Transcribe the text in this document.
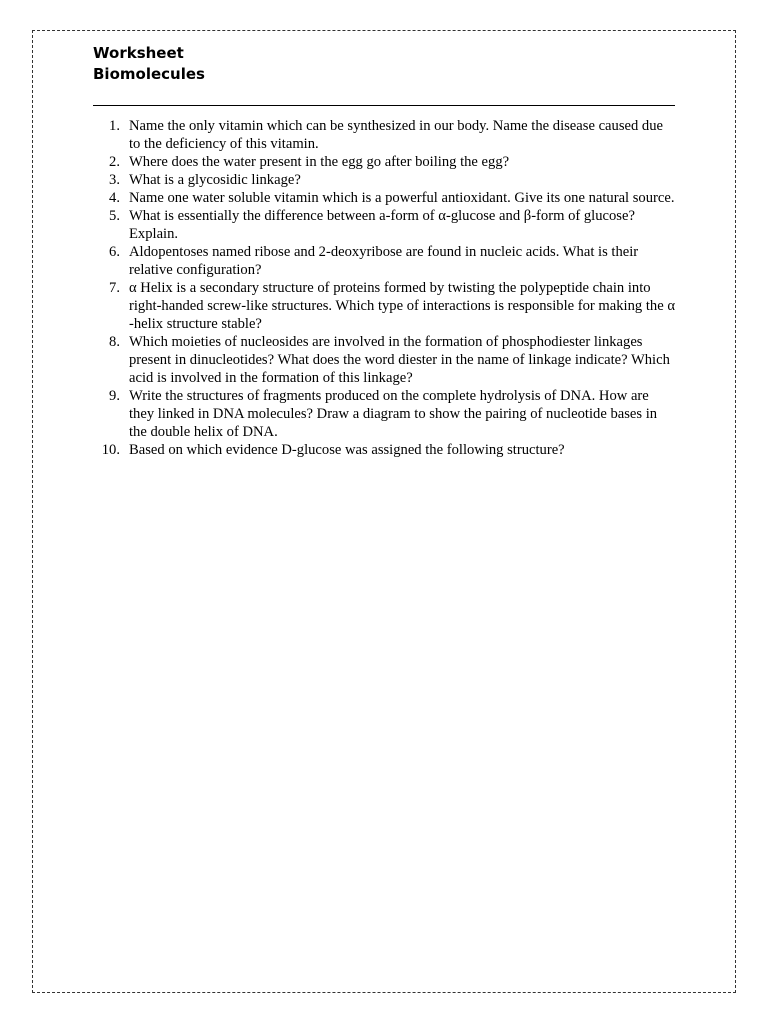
Worksheet
Biomolecules
1. Name the only vitamin which can be synthesized in our body. Name the disease caused due to the deficiency of this vitamin.
2. Where does the water present in the egg go after boiling the egg?
3. What is a glycosidic linkage?
4. Name one water soluble vitamin which is a powerful antioxidant. Give its one natural source.
5. What is essentially the difference between a-form of α-glucose and β-form of glucose? Explain.
6. Aldopentoses named ribose and 2-deoxyribose are found in nucleic acids. What is their relative configuration?
7. α Helix is a secondary structure of proteins formed by twisting the polypeptide chain into right-handed screw-like structures. Which type of interactions is responsible for making the α -helix structure stable?
8. Which moieties of nucleosides are involved in the formation of phosphodiester linkages present in dinucleotides? What does the word diester in the name of linkage indicate? Which acid is involved in the formation of this linkage?
9. Write the structures of fragments produced on the complete hydrolysis of DNA. How are they linked in DNA molecules? Draw a diagram to show the pairing of nucleotide bases in the double helix of DNA.
10. Based on which evidence D-glucose was assigned the following structure?
